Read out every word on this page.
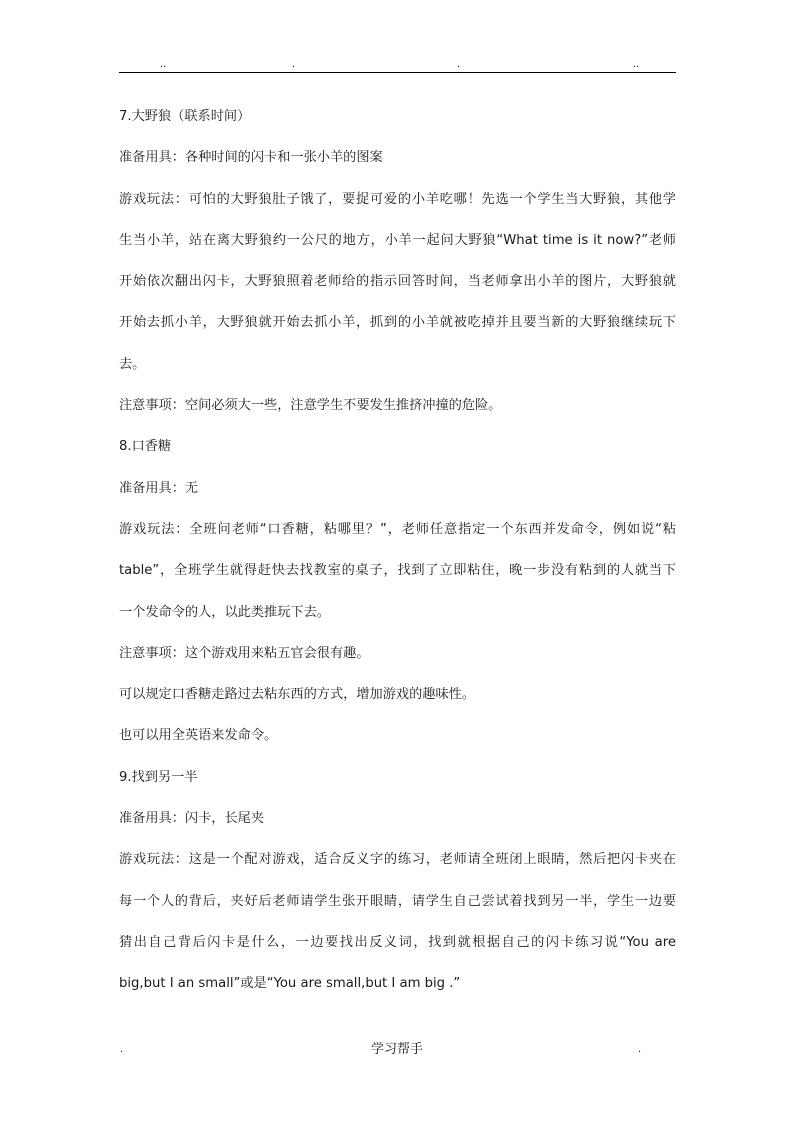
..	.	.	..
7.大野狼（联系时间）
准备用具：各种时间的闪卡和一张小羊的图案
游戏玩法：可怕的大野狼肚子饿了，要捉可爱的小羊吃哪！先选一个学生当大野狼，其他学
生当小羊，站在离大野狼约一公尺的地方，小羊一起问大野狼“What time is it now?”老师
开始依次翻出闪卡，大野狼照着老师给的指示回答时间，当老师拿出小羊的图片，大野狼就
开始去抓小羊，大野狼就开始去抓小羊，抓到的小羊就被吃掉并且要当新的大野狼继续玩下
去。
注意事项：空间必须大一些，注意学生不要发生推挤冲撞的危险。
8.口香糖
准备用具：无
游戏玩法：全班问老师“口香糖，粘哪里？”，老师任意指定一个东西并发命令，例如说“粘
table”，全班学生就得赶快去找教室的桌子，找到了立即粘住，晚一步没有粘到的人就当下
一个发命令的人，以此类推玩下去。
注意事项：这个游戏用来粘五官会很有趣。
可以规定口香糖走路过去粘东西的方式，增加游戏的趣味性。
也可以用全英语来发命令。
9.找到另一半
准备用具：闪卡，长尾夹
游戏玩法：这是一个配对游戏，适合反义字的练习，老师请全班闭上眼睛，然后把闪卡夹在
每一个人的背后，夹好后老师请学生张开眼睛，请学生自己尝试着找到另一半，学生一边要
猜出自己背后闪卡是什么，一边要找出反义词，找到就根据自己的闪卡练习说“You are
big,but I an small”或是“You are small,but I am big .”
.	学习帮手	.
